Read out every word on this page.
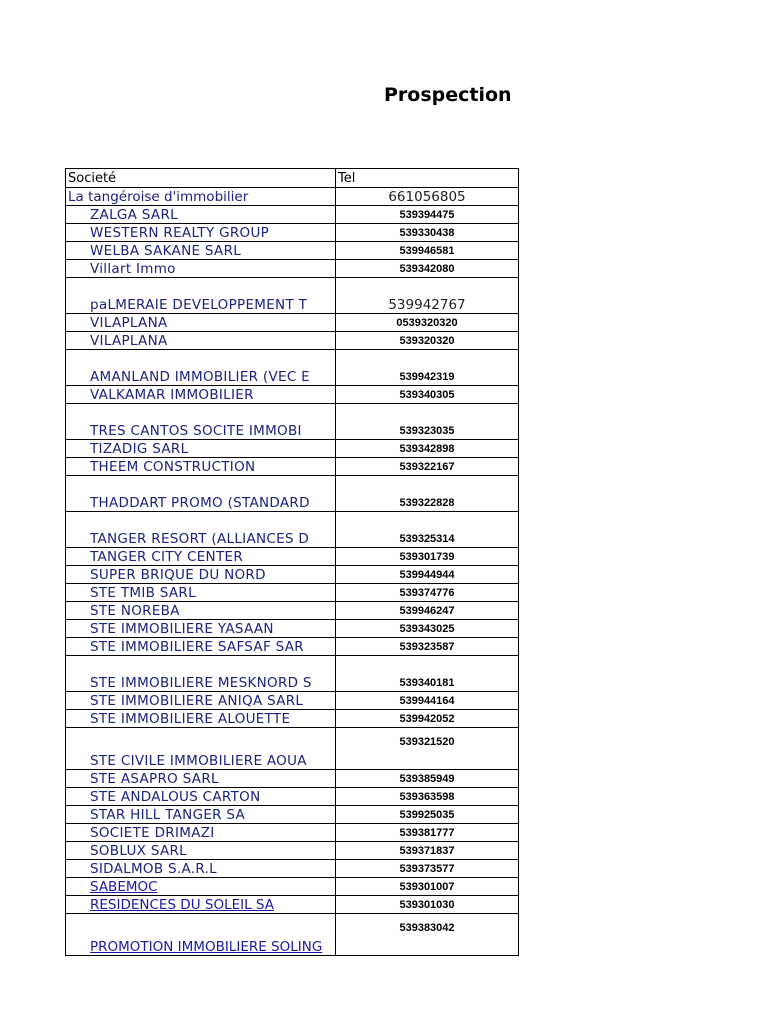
Prospection
Societé	Tel

La tangéroise d'immobilier	661056805

ZALGA SARL	539394475

WESTERN REALTY GROUP	539330438

WELBA SAKANE SARL	539946581

Villart Immo	539342080

paLMERAIE DEVELOPPEMENT T	539942767

VILAPLANA	0539320320

VILAPLANA	539320320

AMANLAND IMMOBILIER (VEC E	539942319

VALKAMAR IMMOBILIER	539340305

TRES CANTOS SOCITE IMMOBI	539323035

TIZADIG SARL	539342898

THEEM CONSTRUCTION	539322167

THADDART PROMO (STANDARD	539322828

TANGER RESORT (ALLIANCES D	539325314

TANGER CITY CENTER	539301739

SUPER BRIQUE DU NORD	539944944

STE TMIB SARL	539374776

STE NOREBA	539946247

STE IMMOBILIERE YASAAN	539343025

STE IMMOBILIERE SAFSAF SAR	539323587

STE IMMOBILIERE MESKNORD S	539340181

STE IMMOBILIERE ANIQA SARL	539944164

STE IMMOBILIERE ALOUETTE	539942052

STE CIVILE IMMOBILIERE AOUA	539321520

STE ASAPRO SARL	539385949

STE ANDALOUS CARTON	539363598

STAR HILL TANGER SA	539925035

SOCIETE DRIMAZI	539381777

SOBLUX SARL	539371837

SIDALMOB S.A.R.L	539373577

SABEMOC	539301007

RESIDENCES DU SOLEIL SA	539301030

PROMOTION IMMOBILIERE SOLING	539383042
